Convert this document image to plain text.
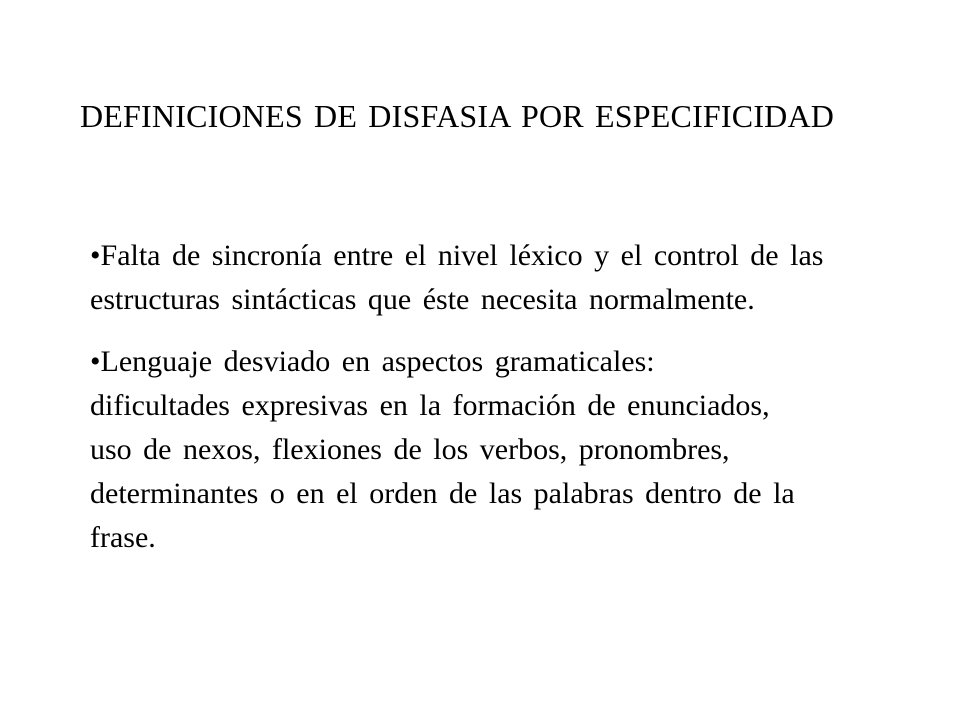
DEFINICIONES DE DISFASIA POR ESPECIFICIDAD
•Falta de sincronía entre el nivel léxico y el control de las
estructuras sintácticas que éste necesita normalmente.
•Lenguaje desviado en aspectos gramaticales:
dificultades expresivas en la formación de enunciados,
uso de nexos, flexiones de los verbos, pronombres,
determinantes o en el orden de las palabras dentro de la
frase.
